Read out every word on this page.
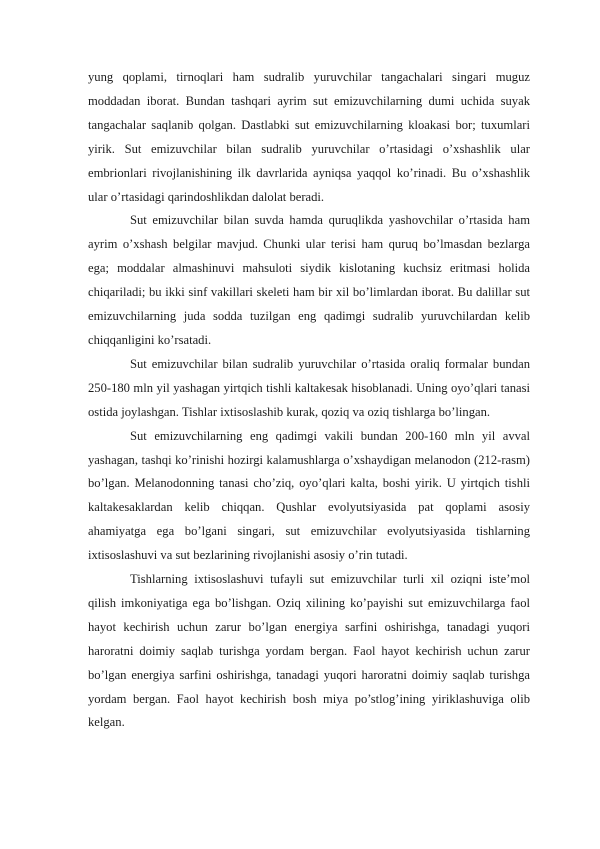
yung qoplami, tirnoqlari ham sudralib yuruvchilar tangachalari singari muguz moddadan iborat. Bundan tashqari ayrim sut emizuvchilarning dumi uchida suyak tangachalar saqlanib qolgan. Dastlabki sut emizuvchilarning kloakasi bor; tuxumlari yirik. Sut emizuvchilar bilan sudralib yuruvchilar o’rtasidagi o’xshashlik ular embrionlari rivojlanishining ilk davrlarida ayniqsa yaqqol ko’rinadi. Bu o’xshashlik ular o’rtasidagi qarindoshlikdan dalolat beradi.

Sut emizuvchilar bilan suvda hamda quruqlikda yashovchilar o’rtasida ham ayrim o’xshash belgilar mavjud. Chunki ular terisi ham quruq bo’lmasdan bezlarga ega; moddalar almashinuvi mahsuloti siydik kislotaning kuchsiz eritmasi holida chiqariladi; bu ikki sinf vakillari skeleti ham bir xil bo’limlardan iborat. Bu dalillar sut emizuvchilarning juda sodda tuzilgan eng qadimgi sudralib yuruvchilardan kelib chiqqanligini ko’rsatadi.

Sut emizuvchilar bilan sudralib yuruvchilar o’rtasida oraliq formalar bundan 250-180 mln yil yashagan yirtqich tishli kaltakesak hisoblanadi. Uning oyo’qlari tanasi ostida joylashgan. Tishlar ixtisoslashib kurak, qoziq va oziq tishlarga bo’lingan.

Sut emizuvchilarning eng qadimgi vakili bundan 200-160 mln yil avval yashagan, tashqi ko’rinishi hozirgi kalamushlarga o’xshaydigan melanodon (212-rasm) bo’lgan. Melanodonning tanasi cho’ziq, oyo’qlari kalta, boshi yirik. U yirtqich tishli kaltakesaklardan kelib chiqqan. Qushlar evolyutsiyasida pat qoplami asosiy ahamiyatga ega bo’lgani singari, sut emizuvchilar evolyutsiyasida tishlarning ixtisoslashuvi va sut bezlarining rivojlanishi asosiy o’rin tutadi.

Tishlarning ixtisoslashuvi tufayli sut emizuvchilar turli xil oziqni iste’mol qilish imkoniyatiga ega bo’lishgan. Oziq xilining ko’payishi sut emizuvchilarga faol hayot kechirish uchun zarur bo’lgan energiya sarfini oshirishga, tanadagi yuqori haroratni doimiy saqlab turishga yordam bergan. Faol hayot kechirish uchun zarur bo’lgan energiya sarfini oshirishga, tanadagi yuqori haroratni doimiy saqlab turishga yordam bergan. Faol hayot kechirish bosh miya po’stlog’ining yiriklashuviga olib kelgan.
